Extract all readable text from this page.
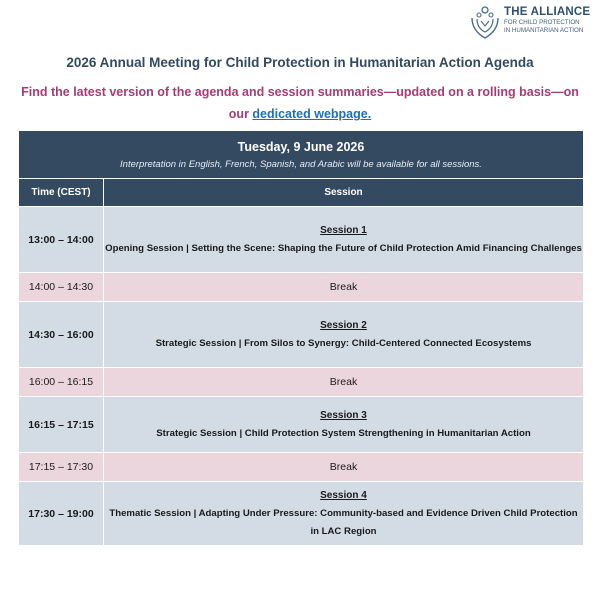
THE ALLIANCE
FOR CHILD PROTECTION
IN HUMANITARIAN ACTION
2026 Annual Meeting for Child Protection in Humanitarian Action Agenda
Find the latest version of the agenda and session summaries—updated on a rolling basis—on our dedicated webpage.
Tuesday, 9 June 2026
Interpretation in English, French, Spanish, and Arabic will be available for all sessions.	

Time (CEST)	Session
13:00 – 14:00	Session 1
Opening Session | Setting the Scene: Shaping the Future of Child Protection Amid Financing Challenges
14:00 – 14:30	Break
14:30 – 16:00	Session 2
Strategic Session | From Silos to Synergy: Child-Centered Connected Ecosystems
16:00 – 16:15	Break
16:15 – 17:15	Session 3
Strategic Session | Child Protection System Strengthening in Humanitarian Action
17:15 – 17:30	Break
17:30 – 19:00	Session 4
Thematic Session | Adapting Under Pressure: Community-based and Evidence Driven Child Protection in LAC Region
